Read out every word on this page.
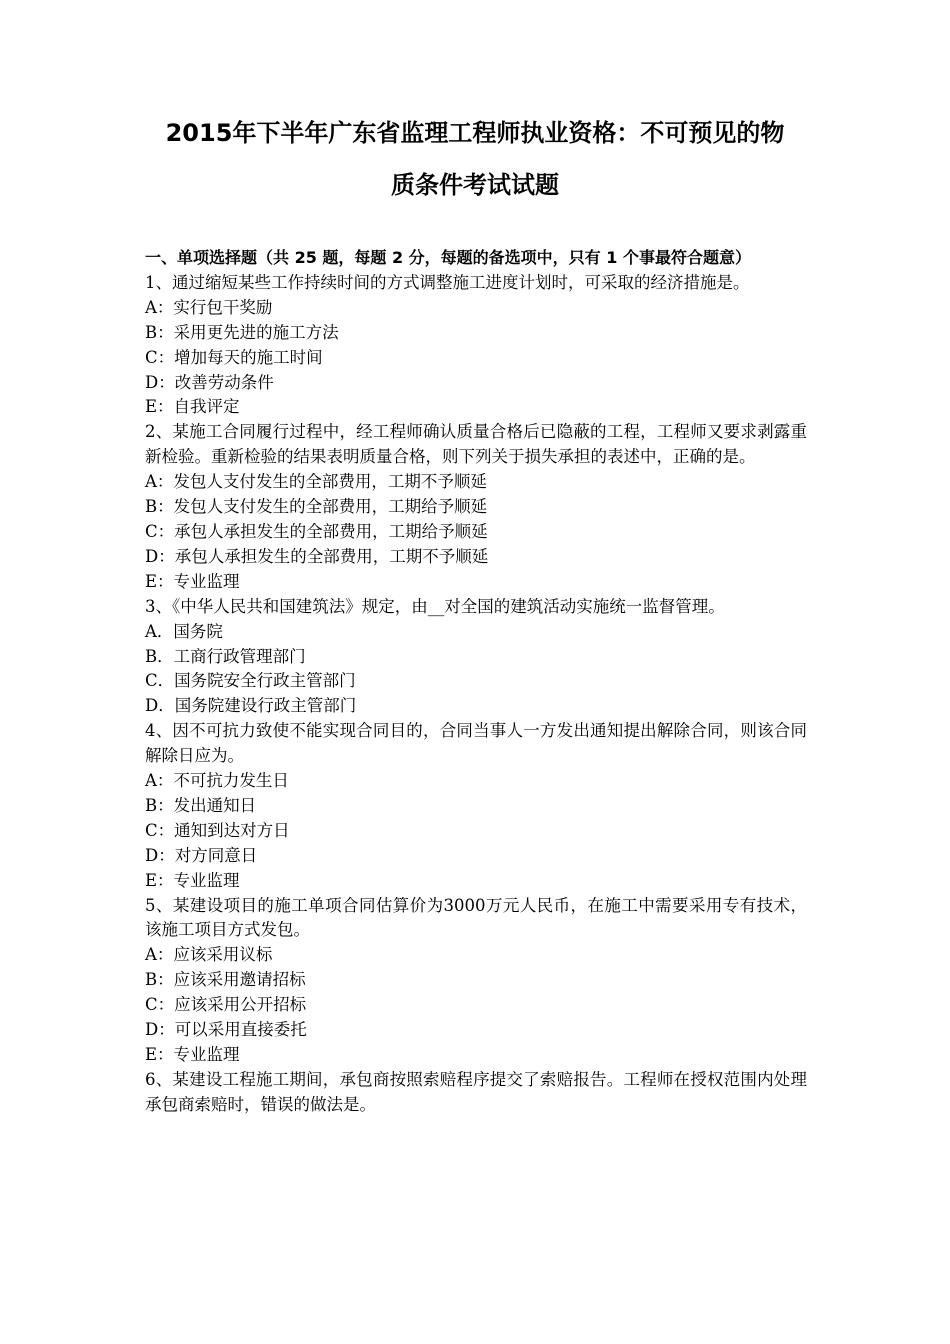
2015年下半年广东省监理工程师执业资格：不可预见的物
质条件考试试题

一、单项选择题（共 25 题，每题 2 分，每题的备选项中，只有 1 个事最符合题意）

1、通过缩短某些工作持续时间的方式调整施工进度计划时，可采取的经济措施是。

A：实行包干奖励

B：采用更先进的施工方法

C：增加每天的施工时间

D：改善劳动条件

E：自我评定

2、某施工合同履行过程中，经工程师确认质量合格后已隐蔽的工程，工程师又要求剥露重新检验。重新检验的结果表明质量合格，则下列关于损失承担的表述中，正确的是。

A：发包人支付发生的全部费用，工期不予顺延

B：发包人支付发生的全部费用，工期给予顺延

C：承包人承担发生的全部费用，工期给予顺延

D：承包人承担发生的全部费用，工期不予顺延

E：专业监理

3、《中华人民共和国建筑法》规定，由__对全国的建筑活动实施统一监督管理。

A．国务院

B．工商行政管理部门

C．国务院安全行政主管部门

D．国务院建设行政主管部门

4、因不可抗力致使不能实现合同目的，合同当事人一方发出通知提出解除合同，则该合同解除日应为。

A：不可抗力发生日

B：发出通知日

C：通知到达对方日

D：对方同意日

E：专业监理

5、某建设项目的施工单项合同估算价为3000万元人民币，在施工中需要采用专有技术，该施工项目方式发包。

A：应该采用议标

B：应该采用邀请招标

C：应该采用公开招标

D：可以采用直接委托

E：专业监理

6、某建设工程施工期间，承包商按照索赔程序提交了索赔报告。工程师在授权范围内处理承包商索赔时，错误的做法是。
